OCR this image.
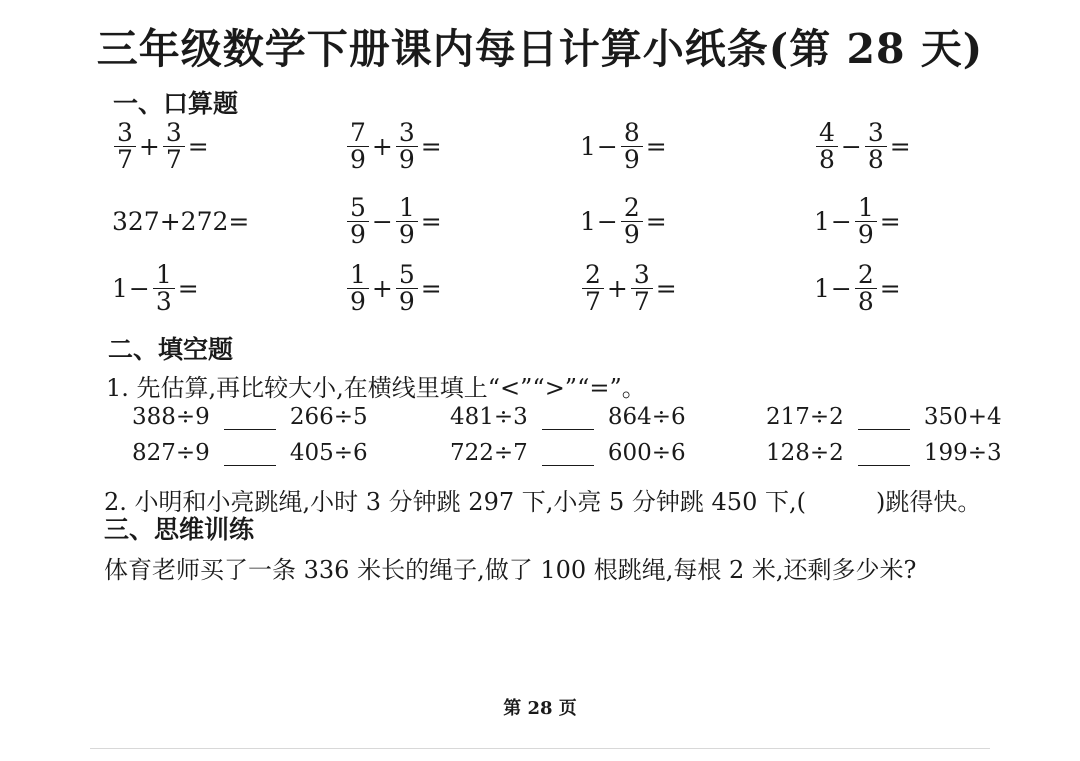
三年级数学下册课内每日计算小纸条(第 28 天)
一、口算题
$\frac{3}{7} + \frac{3}{7}$ =	$\frac{7}{9} + \frac{3}{9}$ =	$1 - \frac{8}{9}$ =	$\frac{4}{8} - \frac{3}{8}$ =
327+272=	$\frac{5}{9} - \frac{1}{9}$ =	$1 - \frac{2}{9}$ =	$1 - \frac{1}{9}$ =
$1 - \frac{1}{3}$ =	$\frac{1}{9} + \frac{5}{9}$ =	$\frac{2}{7} + \frac{3}{7}$ =	$1 - \frac{2}{8}$ =
二、填空题
1. 先估算,再比较大小,在横线里填上“<”“>”“=”。
388÷9	266÷5	481÷3	864÷6	217÷2	350+4
827÷9	405÷6	722÷7	600÷6	128÷2	199÷3
2. 小明和小亮跳绳,小时 3 分钟跳 297 下,小亮 5 分钟跳 450 下,(	)跳得快。
三、思维训练
体育老师买了一条 336 米长的绳子,做了 100 根跳绳,每根 2 米,还剩多少米?
第 28 页
